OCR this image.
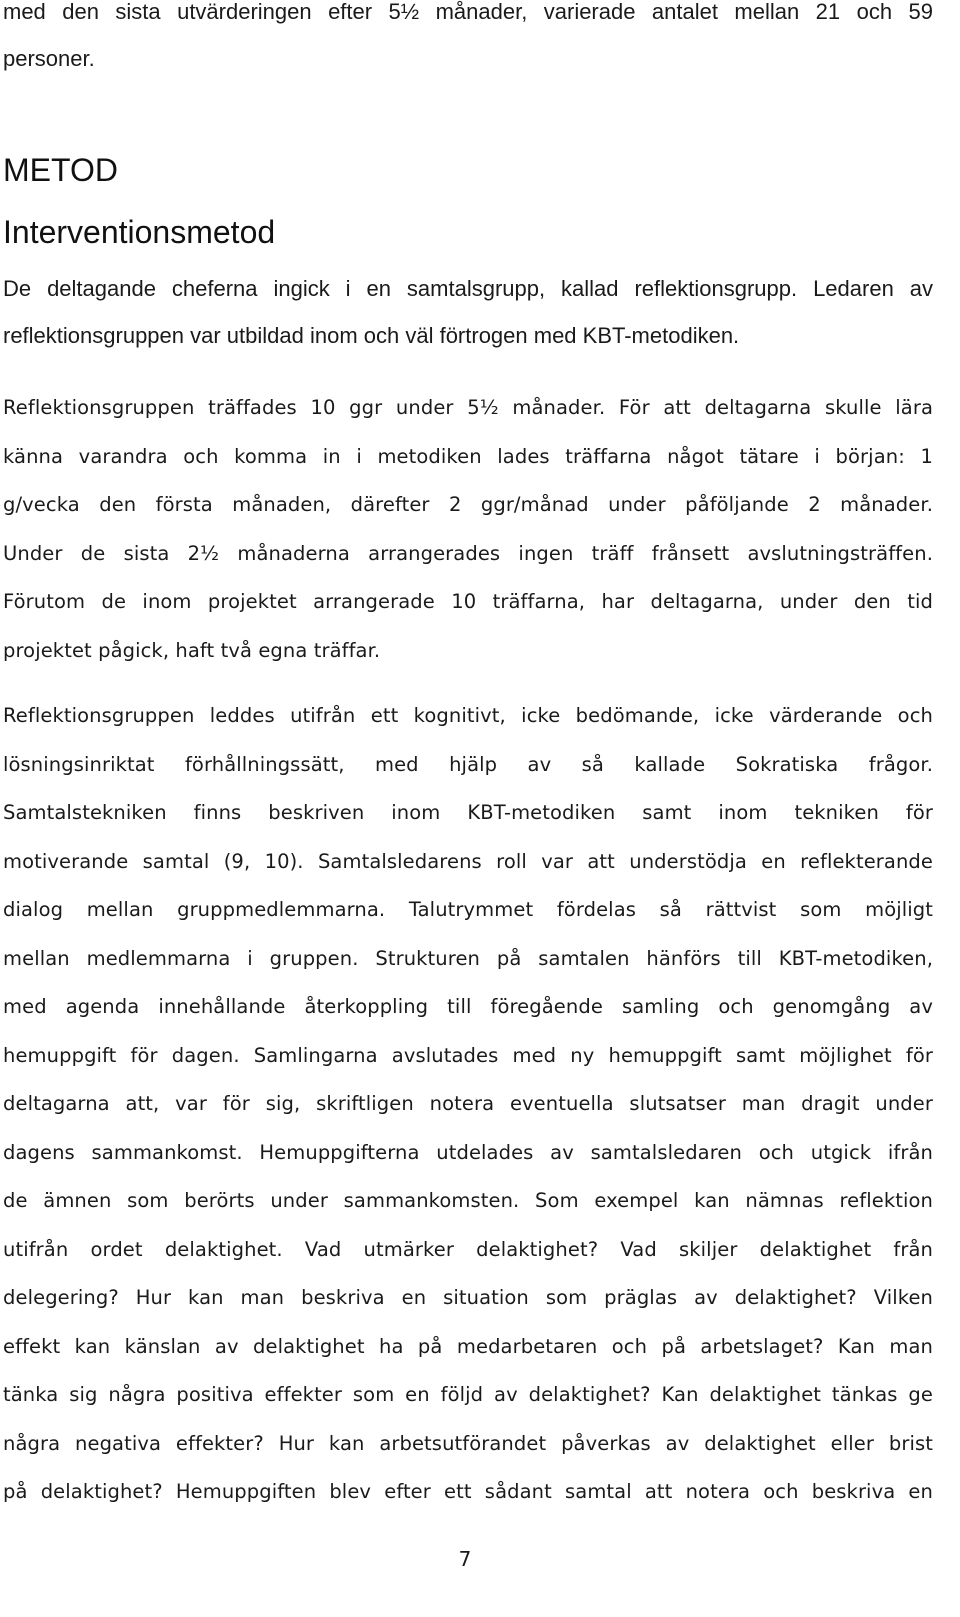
med den sista utvärderingen efter 5½ månader, varierade antalet mellan 21 och 59
personer.
METOD
Interventionsmetod
De deltagande cheferna ingick i en samtalsgrupp, kallad reflektionsgrupp. Ledaren av
reflektionsgruppen var utbildad inom och väl förtrogen med KBT-metodiken.
Reflektionsgruppen träffades 10 ggr under 5½ månader. För att deltagarna skulle lära
känna varandra och komma in i metodiken lades träffarna något tätare i början: 1
g/vecka den första månaden, därefter 2 ggr/månad under påföljande 2 månader.
Under de sista 2½ månaderna arrangerades ingen träff frånsett avslutningsträffen.
Förutom de inom projektet arrangerade 10 träffarna, har deltagarna, under den tid
projektet pågick, haft två egna träffar.
Reflektionsgruppen leddes utifrån ett kognitivt, icke bedömande, icke värderande och
lösningsinriktat förhållningssätt, med hjälp av så kallade Sokratiska frågor.
Samtalstekniken finns beskriven inom KBT-metodiken samt inom tekniken för
motiverande samtal (9, 10). Samtalsledarens roll var att understödja en reflekterande
dialog mellan gruppmedlemmarna. Talutrymmet fördelas så rättvist som möjligt
mellan medlemmarna i gruppen. Strukturen på samtalen hänförs till KBT-metodiken,
med agenda innehållande återkoppling till föregående samling och genomgång av
hemuppgift för dagen. Samlingarna avslutades med ny hemuppgift samt möjlighet för
deltagarna att, var för sig, skriftligen notera eventuella slutsatser man dragit under
dagens sammankomst. Hemuppgifterna utdelades av samtalsledaren och utgick ifrån
de ämnen som berörts under sammankomsten. Som exempel kan nämnas reflektion
utifrån ordet delaktighet. Vad utmärker delaktighet? Vad skiljer delaktighet från
delegering? Hur kan man beskriva en situation som präglas av delaktighet? Vilken
effekt kan känslan av delaktighet ha på medarbetaren och på arbetslaget? Kan man
tänka sig några positiva effekter som en följd av delaktighet? Kan delaktighet tänkas ge
några negativa effekter? Hur kan arbetsutförandet påverkas av delaktighet eller brist
på delaktighet? Hemuppgiften blev efter ett sådant samtal att notera och beskriva en
7
